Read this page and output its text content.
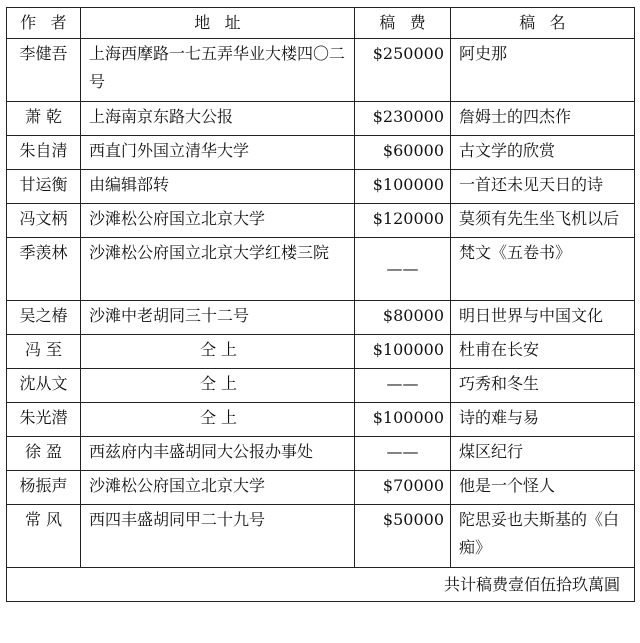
作者	地址	稿费	稿名
李健吾	上海西摩路一七五弄华业大楼四〇二号	$250000	阿史那
萧 乾	上海南京东路大公报	$230000	詹姆士的四杰作
朱自清	西直门外国立清华大学	$60000	古文学的欣赏
甘运衡	由编辑部转	$100000	一首还未见天日的诗
冯文柄	沙滩松公府国立北京大学	$120000	莫须有先生坐飞机以后
季羡林	沙滩松公府国立北京大学红楼三院	——	梵文《五卷书》
吴之椿	沙滩中老胡同三十二号	$80000	明日世界与中国文化
冯 至	仝 上	$100000	杜甫在长安
沈从文	仝 上	——	巧秀和冬生
朱光潜	仝 上	$100000	诗的难与易
徐 盈	西兹府内丰盛胡同大公报办事处	——	煤区纪行
杨振声	沙滩松公府国立北京大学	$70000	他是一个怪人
常 风	西四丰盛胡同甲二十九号	$50000	陀思妥也夫斯基的《白痴》
共计稿费壹佰伍拾玖萬圓			
